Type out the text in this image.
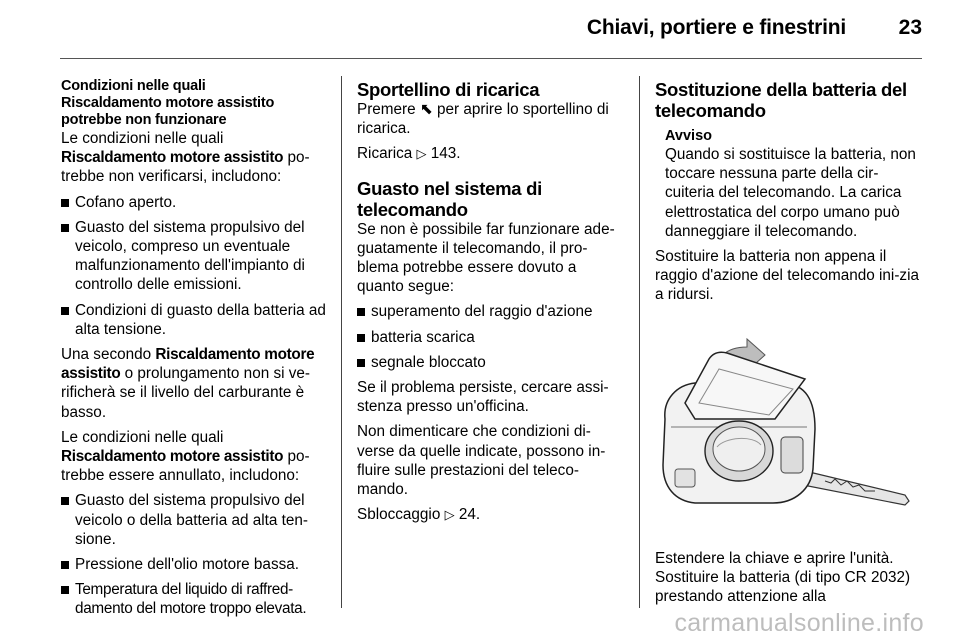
Chiavi, portiere e finestrini	23

Condizioni nelle quali
Riscaldamento motore assistito
potrebbe non funzionare

Le condizioni nelle quali
Riscaldamento motore assistito po-trebbe non verificarsi, includono:

Cofano aperto.
Guasto del sistema propulsivo del veicolo, compreso un eventuale malfunzionamento dell'impianto di controllo delle emissioni.
Condizioni di guasto della batteria ad alta tensione.

Una secondo Riscaldamento motore assistito o prolungamento non si ve-rificherà se il livello del carburante è basso.

Le condizioni nelle quali
Riscaldamento motore assistito po-trebbe essere annullato, includono:

Guasto del sistema propulsivo del veicolo o della batteria ad alta ten-sione.
Pressione dell'olio motore bassa.
Temperatura del liquido di raffred-damento del motore troppo elevata.
Sportellino di ricarica

Premere ⬉ per aprire lo sportellino di ricarica.

Ricarica ▷ 143.

Guasto nel sistema di telecomando

Se non è possibile far funzionare ade-guatamente il telecomando, il pro-blema potrebbe essere dovuto a quanto segue:

superamento del raggio d'azione
batteria scarica
segnale bloccato

Se il problema persiste, cercare assi-stenza presso un'officina.

Non dimenticare che condizioni di-verse da quelle indicate, possono in-fluire sulle prestazioni del teleco-mando.

Sbloccaggio ▷ 24.

Sostituzione della batteria del telecomando
Avviso
Quando si sostituisce la batteria, non toccare nessuna parte della cir-cuiteria del telecomando. La carica elettrostatica del corpo umano può danneggiare il telecomando.

Sostituire la batteria non appena il raggio d'azione del telecomando ini-zia a ridursi.

Estendere la chiave e aprire l'unità.

Sostituire la batteria (di tipo CR 2032) prestando attenzione alla

carmanualsonline.info
